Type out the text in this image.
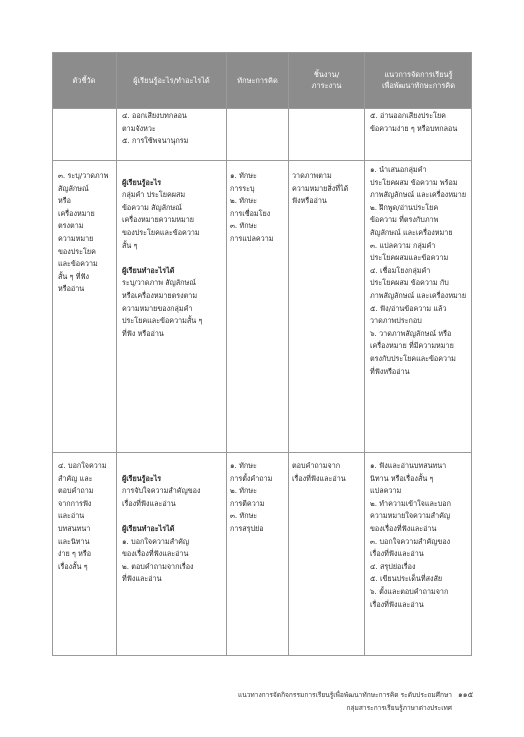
ตัวชี้วัด	ผู้เรียนรู้อะไร/ทำอะไรได้	ทักษะการคิด
ชิ้นงาน/
ภาระงาน
แนวการจัดการเรียนรู้
เพื่อพัฒนาทักษะการคิด
๔. ออกเสียงบทกลอน
ตามจังหวะ
๕. การใช้พจนานุกรม
๕. อ่านออกเสียงประโยค
ข้อความง่าย ๆ หรือบทกลอน
๓. ระบุ/วาดภาพ
สัญลักษณ์
หรือ
เครื่องหมาย
ตรงตาม
ความหมาย
ของประโยค
และข้อความ
สั้น ๆ ที่ฟัง
หรืออ่าน

ผู้เรียนรู้อะไร

กลุ่มคำ ประโยคผสม
ข้อความ สัญลักษณ์
เครื่องหมายความหมาย
ของประโยคและข้อความ
สั้น ๆ

ผู้เรียนทำอะไรได้

ระบุ/วาดภาพ สัญลักษณ์
หรือเครื่องหมายตรงตาม
ความหมายของกลุ่มคำ
ประโยคและข้อความสั้น ๆ
ที่ฟัง หรืออ่าน

๑. ทักษะ
การระบุ
๒. ทักษะ
การเชื่อมโยง
๓. ทักษะ
การแปลความ
วาดภาพตาม
ความหมายสิ่งที่ได้
ฟังหรืออ่าน
๑. นำเสนอกลุ่มคำ
ประโยคผสม ข้อความ พร้อม
ภาพสัญลักษณ์ และเครื่องหมาย
๒. ฝึกพูด/อ่านประโยค
ข้อความ ที่ตรงกับภาพ
สัญลักษณ์ และเครื่องหมาย
๓. แปลความ กลุ่มคำ
ประโยคผสมและข้อความ
๔. เชื่อมโยงกลุ่มคำ
ประโยคผสม ข้อความ กับ
ภาพสัญลักษณ์ และเครื่องหมาย
๕. ฟัง/อ่านข้อความ แล้ว
วาดภาพประกอบ
๖. วาดภาพสัญลักษณ์ หรือ
เครื่องหมาย ที่มีความหมาย
ตรงกับประโยคและข้อความ
ที่ฟังหรืออ่าน
๔. บอกใจความ
สำคัญ และ
ตอบคำถาม
จากการฟัง
และอ่าน
บทสนทนา
และนิทาน
ง่าย ๆ หรือ
เรื่องสั้น ๆ

ผู้เรียนรู้อะไร

การจับใจความสำคัญของ
เรื่องที่ฟังและอ่าน

ผู้เรียนทำอะไรได้

๑. บอกใจความสำคัญ
ของเรื่องที่ฟังและอ่าน
๒. ตอบคำถามจากเรื่อง
ที่ฟังและอ่าน

๑. ทักษะ
การตั้งคำถาม
๒. ทักษะ
การตีความ
๓. ทักษะ
การสรุปย่อ
ตอบคำถามจาก
เรื่องที่ฟังและอ่าน
๑. ฟังและอ่านบทสนทนา
นิทาน หรือเรื่องสั้น ๆ
แปลความ
๒. ทำความเข้าใจและบอก
ความหมายใจความสำคัญ
ของเรื่องที่ฟังและอ่าน
๓. บอกใจความสำคัญของ
เรื่องที่ฟังและอ่าน
๔. สรุปย่อเรื่อง
๕. เขียนประเด็นที่สงสัย
๖. ตั้งและตอบคำถามจาก
เรื่องที่ฟังและอ่าน
แนวทางการจัดกิจกรรมการเรียนรู้เพื่อพัฒนาทักษะการคิด ระดับประถมศึกษา
กลุ่มสาระการเรียนรู้ภาษาต่างประเทศ
๑๑๕
